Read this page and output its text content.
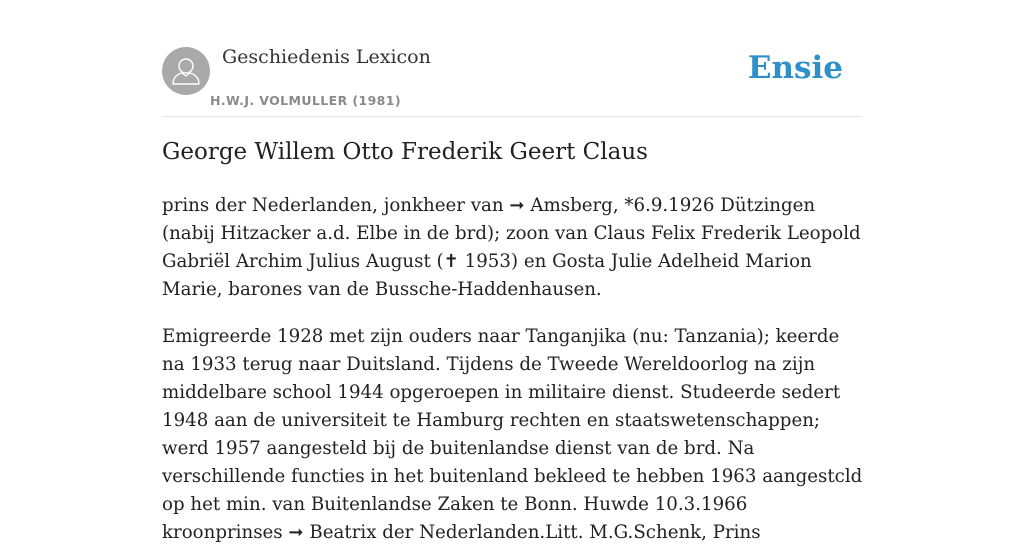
Geschiedenis Lexicon
H.W.J. VOLMULLER (1981)
Ensie
George Willem Otto Frederik Geert Claus

prins der Nederlanden, jonkheer van ➞ Amsberg, *6.9.1926 Dützingen (nabij Hitzacker a.d. Elbe in de brd); zoon van Claus Felix Frederik Leopold Gabriël Archim Julius August (✝ 1953) en Gosta Julie Adelheid Marion Marie, barones van de Bussche-Haddenhausen.

Emigreerde 1928 met zijn ouders naar Tanganjika (nu: Tanzania); keerde na 1933 terug naar Duitsland. Tijdens de Tweede Wereldoorlog na zijn middelbare school 1944 opgeroepen in militaire dienst. Studeerde sedert 1948 aan de universiteit te Hamburg rechten en staatswetenschappen; werd 1957 aangesteld bij de buitenlandse dienst van de brd. Na verschillende functies in het buitenland bekleed te hebben 1963 aangestcld op het min. van Buitenlandse Zaken te Bonn. Huwde 10.3.1966 kroonprinses ➞ Beatrix der Nederlanden.Litt. M.G.Schenk, Prins
